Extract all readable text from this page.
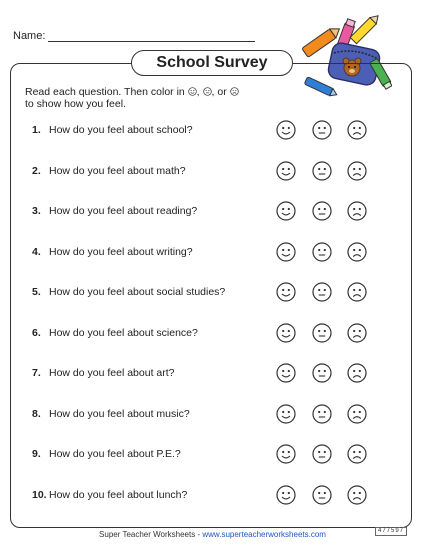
Name:
School Survey
Read each question. Then color in , , or
to show how you feel.
1. How do you feel about school?
2. How do you feel about math?
3. How do you feel about reading?
4. How do you feel about writing?
5. How do you feel about social studies?
6. How do you feel about science?
7. How do you feel about art?
8. How do you feel about music?
9. How do you feel about P.E.?
10. How do you feel about lunch?
Super Teacher Worksheets - www.superteacherworksheets.com	477597
